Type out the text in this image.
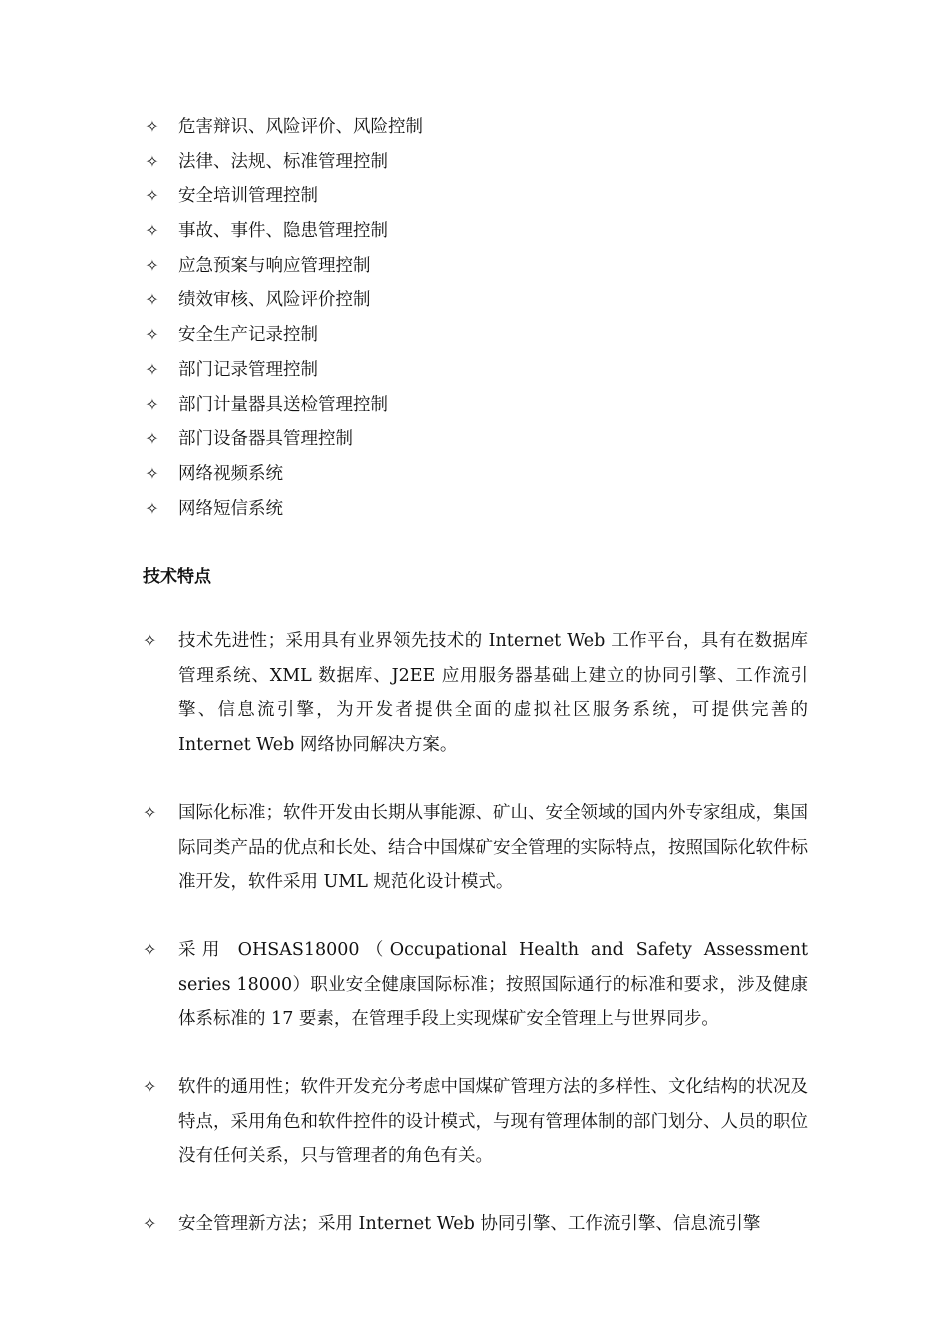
✧ 危害辩识、风险评价、风险控制
✧ 法律、法规、标准管理控制
✧ 安全培训管理控制
✧ 事故、事件、隐患管理控制
✧ 应急预案与响应管理控制
✧ 绩效审核、风险评价控制
✧ 安全生产记录控制
✧ 部门记录管理控制
✧ 部门计量器具送检管理控制
✧ 部门设备器具管理控制
✧ 网络视频系统
✧ 网络短信系统
技术特点
✧ 技术先进性；采用具有业界领先技术的 Internet Web 工作平台，具有在数据库管理系统、XML 数据库、J2EE 应用服务器基础上建立的协同引擎、工作流引擎、信息流引擎，为开发者提供全面的虚拟社区服务系统，可提供完善的 Internet Web 网络协同解决方案。
✧ 国际化标准；软件开发由长期从事能源、矿山、安全领域的国内外专家组成，集国际同类产品的优点和长处、结合中国煤矿安全管理的实际特点，按照国际化软件标准开发，软件采用 UML 规范化设计模式。
✧ 采用 OHSAS18000（Occupational Health and Safety Assessment series 18000）职业安全健康国际标准；按照国际通行的标准和要求，涉及健康体系标准的 17 要素，在管理手段上实现煤矿安全管理上与世界同步。
✧ 软件的通用性；软件开发充分考虑中国煤矿管理方法的多样性、文化结构的状况及特点，采用角色和软件控件的设计模式，与现有管理体制的部门划分、人员的职位没有任何关系，只与管理者的角色有关。
✧ 安全管理新方法；采用 Internet Web 协同引擎、工作流引擎、信息流引擎
